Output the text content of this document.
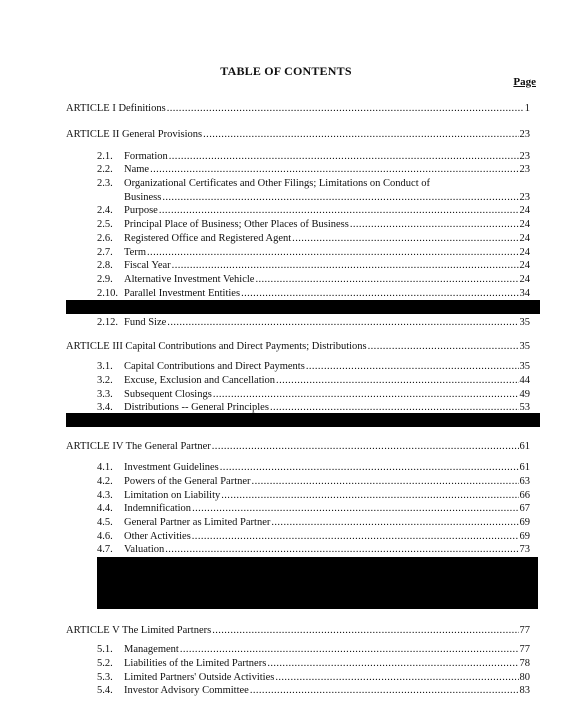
TABLE OF CONTENTS
Page
ARTICLE I Definitions .....	1
ARTICLE II General Provisions .....	23
2.1.	Formation .....	23
2.2.	Name .....	23
2.3.	Organizational Certificates and Other Filings; Limitations on Conduct of
Business .....	23
2.4.	Purpose .....	24
2.5.	Principal Place of Business; Other Places of Business .....	24
2.6.	Registered Office and Registered Agent .....	24
2.7.	Term .....	24
2.8.	Fiscal Year .....	24
2.9.	Alternative Investment Vehicle .....	24
2.10. Parallel Investment Entities .....	34
2.12. Fund Size .....	35
ARTICLE III Capital Contributions and Direct Payments; Distributions .....	35
3.1.	Capital Contributions and Direct Payments .....	35
3.2.	Excuse, Exclusion and Cancellation .....	44
3.3.	Subsequent Closings .....	49
3.4.	Distributions -- General Principles .....	53
ARTICLE IV The General Partner .....	61
4.1.	Investment Guidelines .....	61
4.2.	Powers of the General Partner .....	63
4.3.	Limitation on Liability .....	66
4.4.	Indemnification .....	67
4.5.	General Partner as Limited Partner .....	69
4.6.	Other Activities .....	69
4.7.	Valuation .....	73
ARTICLE V The Limited Partners .....	77
5.1.	Management .....	77
5.2.	Liabilities of the Limited Partners .....	78
5.3.	Limited Partners' Outside Activities .....	80
5.4.	Investor Advisory Committee .....	83
